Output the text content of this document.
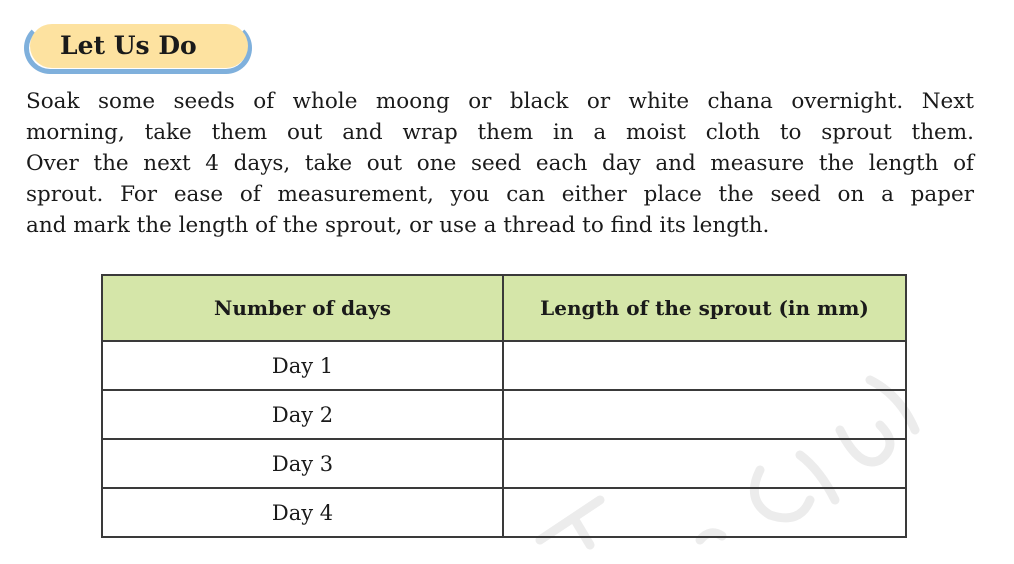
Let Us Do
Soak some seeds of whole moong or black or white chana overnight. Next
morning, take them out and wrap them in a moist cloth to sprout them.
Over the next 4 days, take out one seed each day and measure the length of
sprout. For ease of measurement, you can either place the seed on a paper
and mark the length of the sprout, or use a thread to find its length.
Number of days	Length of the sprout (in mm)
Day 1	
Day 2	
Day 3	
Day 4	
